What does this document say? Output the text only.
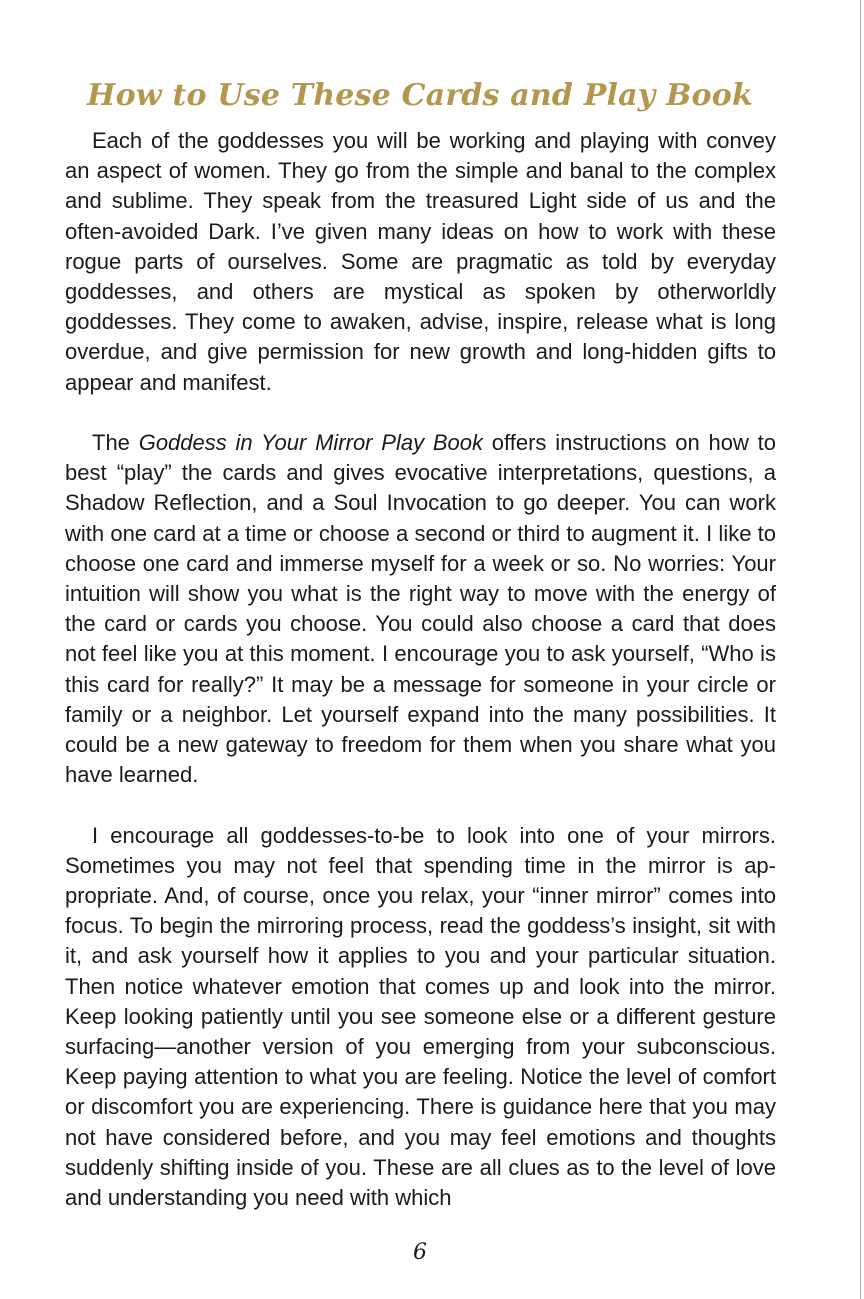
How to Use These Cards and Play Book

Each of the goddesses you will be working and playing with convey an aspect of women. They go from the simple and banal to the complex and sublime. They speak from the treasured Light side of us and the often-avoided Dark. I’ve given many ideas on how to work with these rogue parts of ourselves. Some are pragmatic as told by everyday goddesses, and others are mystical as spoken by otherworldly goddesses. They come to awaken, advise, inspire, release what is long overdue, and give permission for new growth and long-hidden gifts to appear and manifest.

The Goddess in Your Mirror Play Book offers instructions on how to best “play” the cards and gives evocative interpretations, questions, a Shadow Reflection, and a Soul Invocation to go deeper. You can work with one card at a time or choose a second or third to augment it. I like to choose one card and immerse myself for a week or so. No worries: Your intuition will show you what is the right way to move with the energy of the card or cards you choose. You could also choose a card that does not feel like you at this moment. I encourage you to ask yourself, “Who is this card for really?” It may be a message for someone in your circle or family or a neighbor. Let yourself expand into the many possibilities. It could be a new gateway to freedom for them when you share what you have learned.

I encourage all goddesses-to-be to look into one of your mirrors. Sometimes you may not feel that spending time in the mirror is appropriate. And, of course, once you relax, your “inner mirror” comes into focus. To begin the mirroring process, read the goddess’s insight, sit with it, and ask yourself how it applies to you and your particular situation. Then notice whatever emotion that comes up and look into the mirror. Keep looking patiently until you see someone else or a different gesture surfacing—another version of you emerging from your subconscious. Keep paying attention to what you are feeling. Notice the level of comfort or discomfort you are experiencing. There is guidance here that you may not have considered before, and you may feel emotions and thoughts suddenly shifting inside of you. These are all clues as to the level of love and understanding you need with which

6
